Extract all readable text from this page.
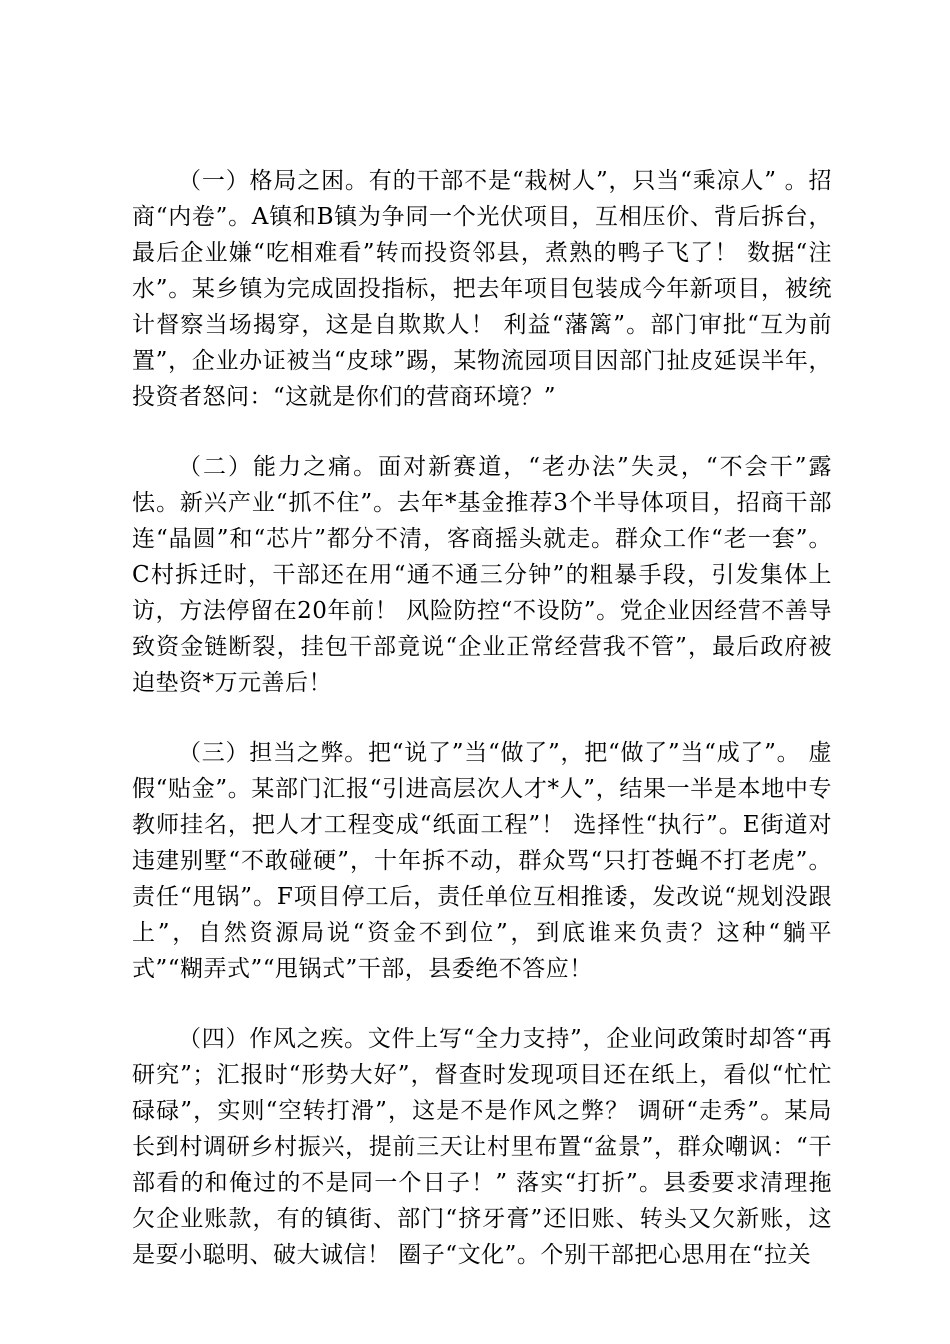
（一）格局之困。有的干部不是“栽树人”，只当“乘凉人” 。招商“内卷”。A镇和B镇为争同一个光伏项目，互相压价、背后拆台，最后企业嫌“吃相难看”转而投资邻县，煮熟的鸭子飞了！ 数据“注水”。某乡镇为完成固投指标，把去年项目包装成今年新项目，被统计督察当场揭穿，这是自欺欺人！ 利益“藩篱”。部门审批“互为前置”，企业办证被当“皮球”踢，某物流园项目因部门扯皮延误半年，投资者怒问：“这就是你们的营商环境？”

（二）能力之痛。面对新赛道，“老办法”失灵，“不会干”露怯。新兴产业“抓不住”。去年*基金推荐3个半导体项目，招商干部连“晶圆”和“芯片”都分不清，客商摇头就走。群众工作“老一套”。C村拆迁时，干部还在用“通不通三分钟”的粗暴手段，引发集体上访，方法停留在20年前！ 风险防控“不设防”。党企业因经营不善导致资金链断裂，挂包干部竟说“企业正常经营我不管”，最后政府被迫垫资*万元善后！

（三）担当之弊。把“说了”当“做了”，把“做了”当“成了”。 虚假“贴金”。某部门汇报“引进高层次人才*人”，结果一半是本地中专教师挂名，把人才工程变成“纸面工程”！ 选择性“执行”。E街道对违建别墅“不敢碰硬”，十年拆不动，群众骂“只打苍蝇不打老虎”。责任“甩锅”。F项目停工后，责任单位互相推诿，发改说“规划没跟上”，自然资源局说“资金不到位”，到底谁来负责？这种“躺平式”“糊弄式”“甩锅式”干部，县委绝不答应！

（四）作风之疾。文件上写“全力支持”，企业问政策时却答“再研究”；汇报时“形势大好”，督查时发现项目还在纸上，看似“忙忙碌碌”，实则“空转打滑”，这是不是作风之弊？ 调研“走秀”。某局长到村调研乡村振兴，提前三天让村里布置“盆景”，群众嘲讽：“干部看的和俺过的不是同一个日子！” 落实“打折”。县委要求清理拖欠企业账款，有的镇街、部门“挤牙膏”还旧账、转头又欠新账，这是耍小聪明、破大诚信！ 圈子“文化”。个别干部把心思用在“拉关
